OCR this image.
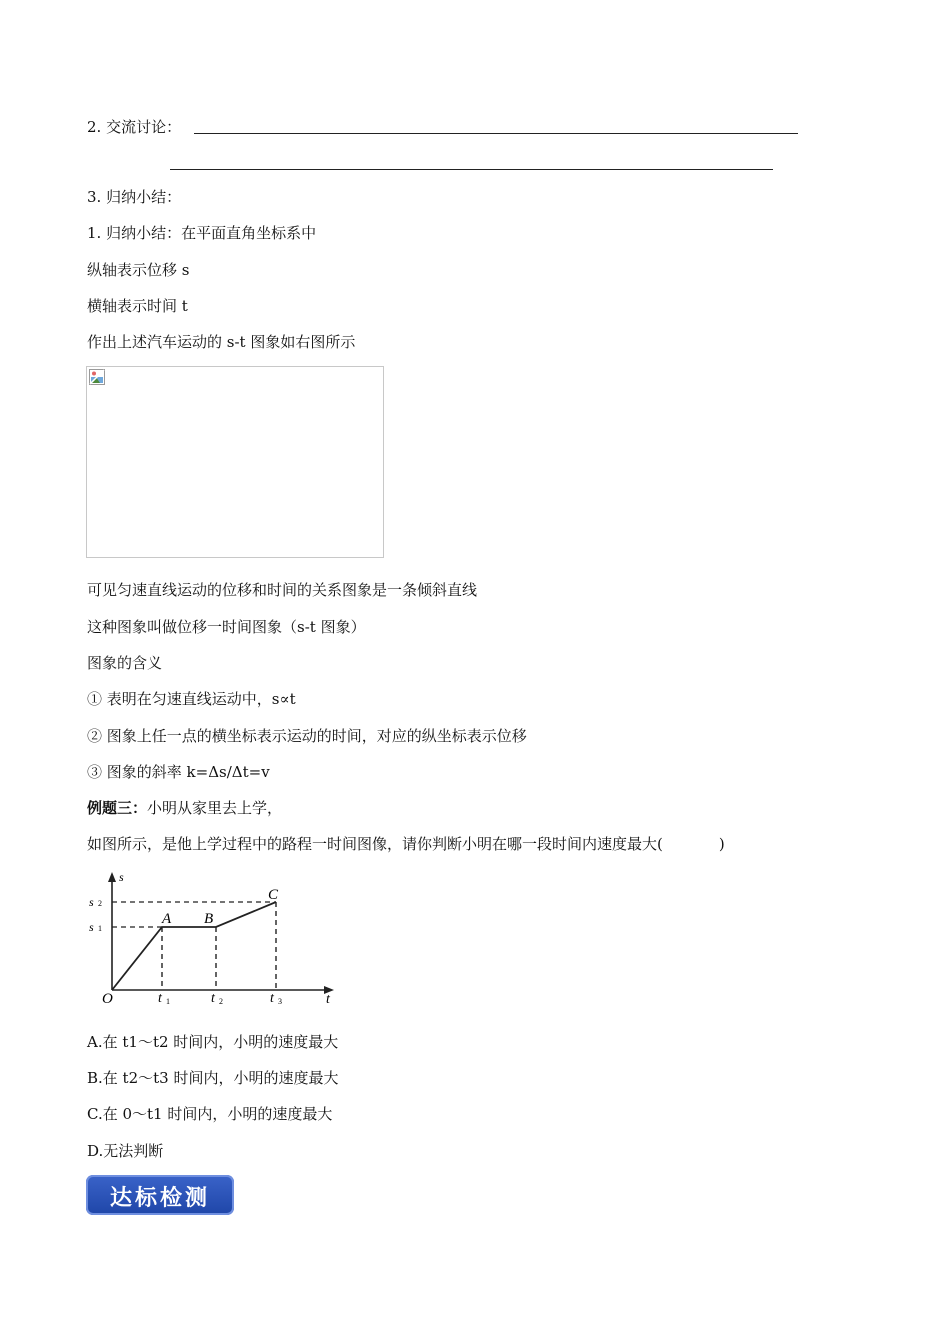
2. 交流讨论：
3. 归纳小结：
1. 归纳小结：在平面直角坐标系中
纵轴表示位移 s
横轴表示时间 t
作出上述汽车运动的 s-t 图象如右图所示
可见匀速直线运动的位移和时间的关系图象是一条倾斜直线
这种图象叫做位移一时间图象（s-t 图象）
图象的含义
① 表明在匀速直线运动中，s∝t
② 图象上任一点的横坐标表示运动的时间，对应的纵坐标表示位移
③ 图象的斜率 k=Δs/Δt=v
例题三：小明从家里去上学，
如图所示，是他上学过程中的路程一时间图像，请你判断小明在哪一段时间内速度最大(	)
s
t
O
s 2
s 1
t 1	t 2	t 3
A B
C
A.在 t1～t2 时间内，小明的速度最大
B.在 t2～t3 时间内，小明的速度最大
C.在 0～t1 时间内，小明的速度最大
D.无法判断
达标检测
